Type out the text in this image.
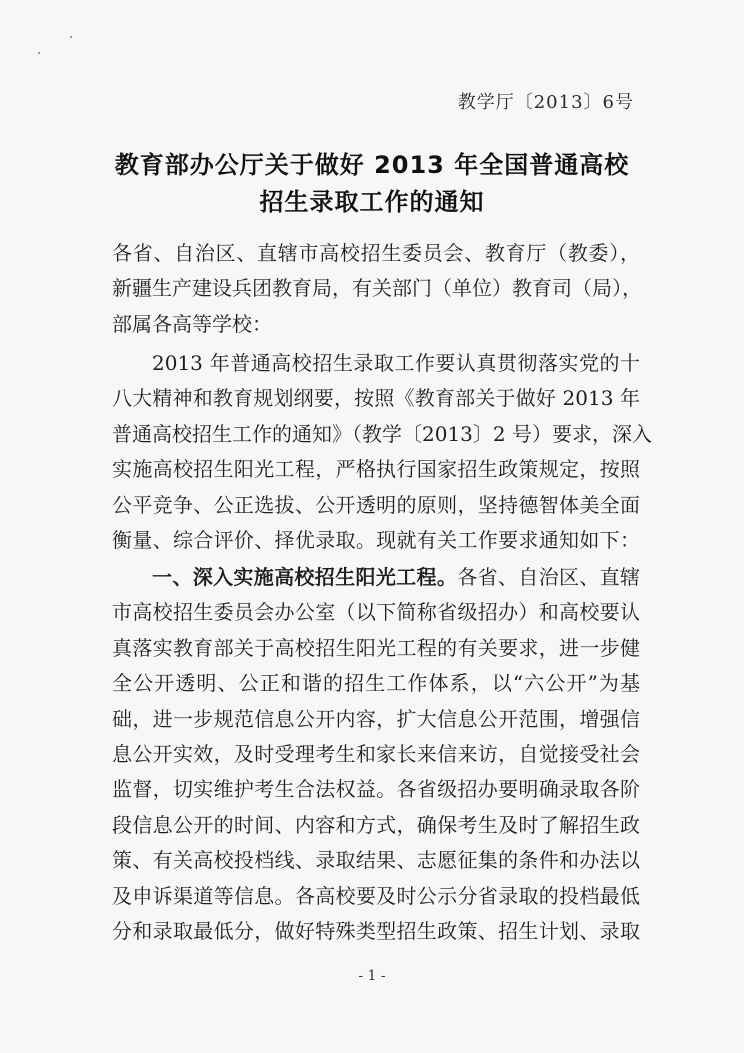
教学厅〔2013〕6号
教育部办公厅关于做好 2013 年全国普通高校
招生录取工作的通知
各省、自治区、直辖市高校招生委员会、教育厅（教委），
新疆生产建设兵团教育局，有关部门（单位）教育司（局），
部属各高等学校：
2013 年普通高校招生录取工作要认真贯彻落实党的十
八大精神和教育规划纲要，按照《教育部关于做好 2013 年
普通高校招生工作的通知》（教学〔2013〕2 号）要求，深入
实施高校招生阳光工程，严格执行国家招生政策规定，按照
公平竞争、公正选拔、公开透明的原则，坚持德智体美全面
衡量、综合评价、择优录取。现就有关工作要求通知如下：
一、深入实施高校招生阳光工程。各省、自治区、直辖
市高校招生委员会办公室（以下简称省级招办）和高校要认
真落实教育部关于高校招生阳光工程的有关要求，进一步健
全公开透明、公正和谐的招生工作体系，以“六公开”为基
础，进一步规范信息公开内容，扩大信息公开范围，增强信
息公开实效，及时受理考生和家长来信来访，自觉接受社会
监督，切实维护考生合法权益。各省级招办要明确录取各阶
段信息公开的时间、内容和方式，确保考生及时了解招生政
策、有关高校投档线、录取结果、志愿征集的条件和办法以
及申诉渠道等信息。各高校要及时公示分省录取的投档最低
分和录取最低分，做好特殊类型招生政策、招生计划、录取
- 1 -
